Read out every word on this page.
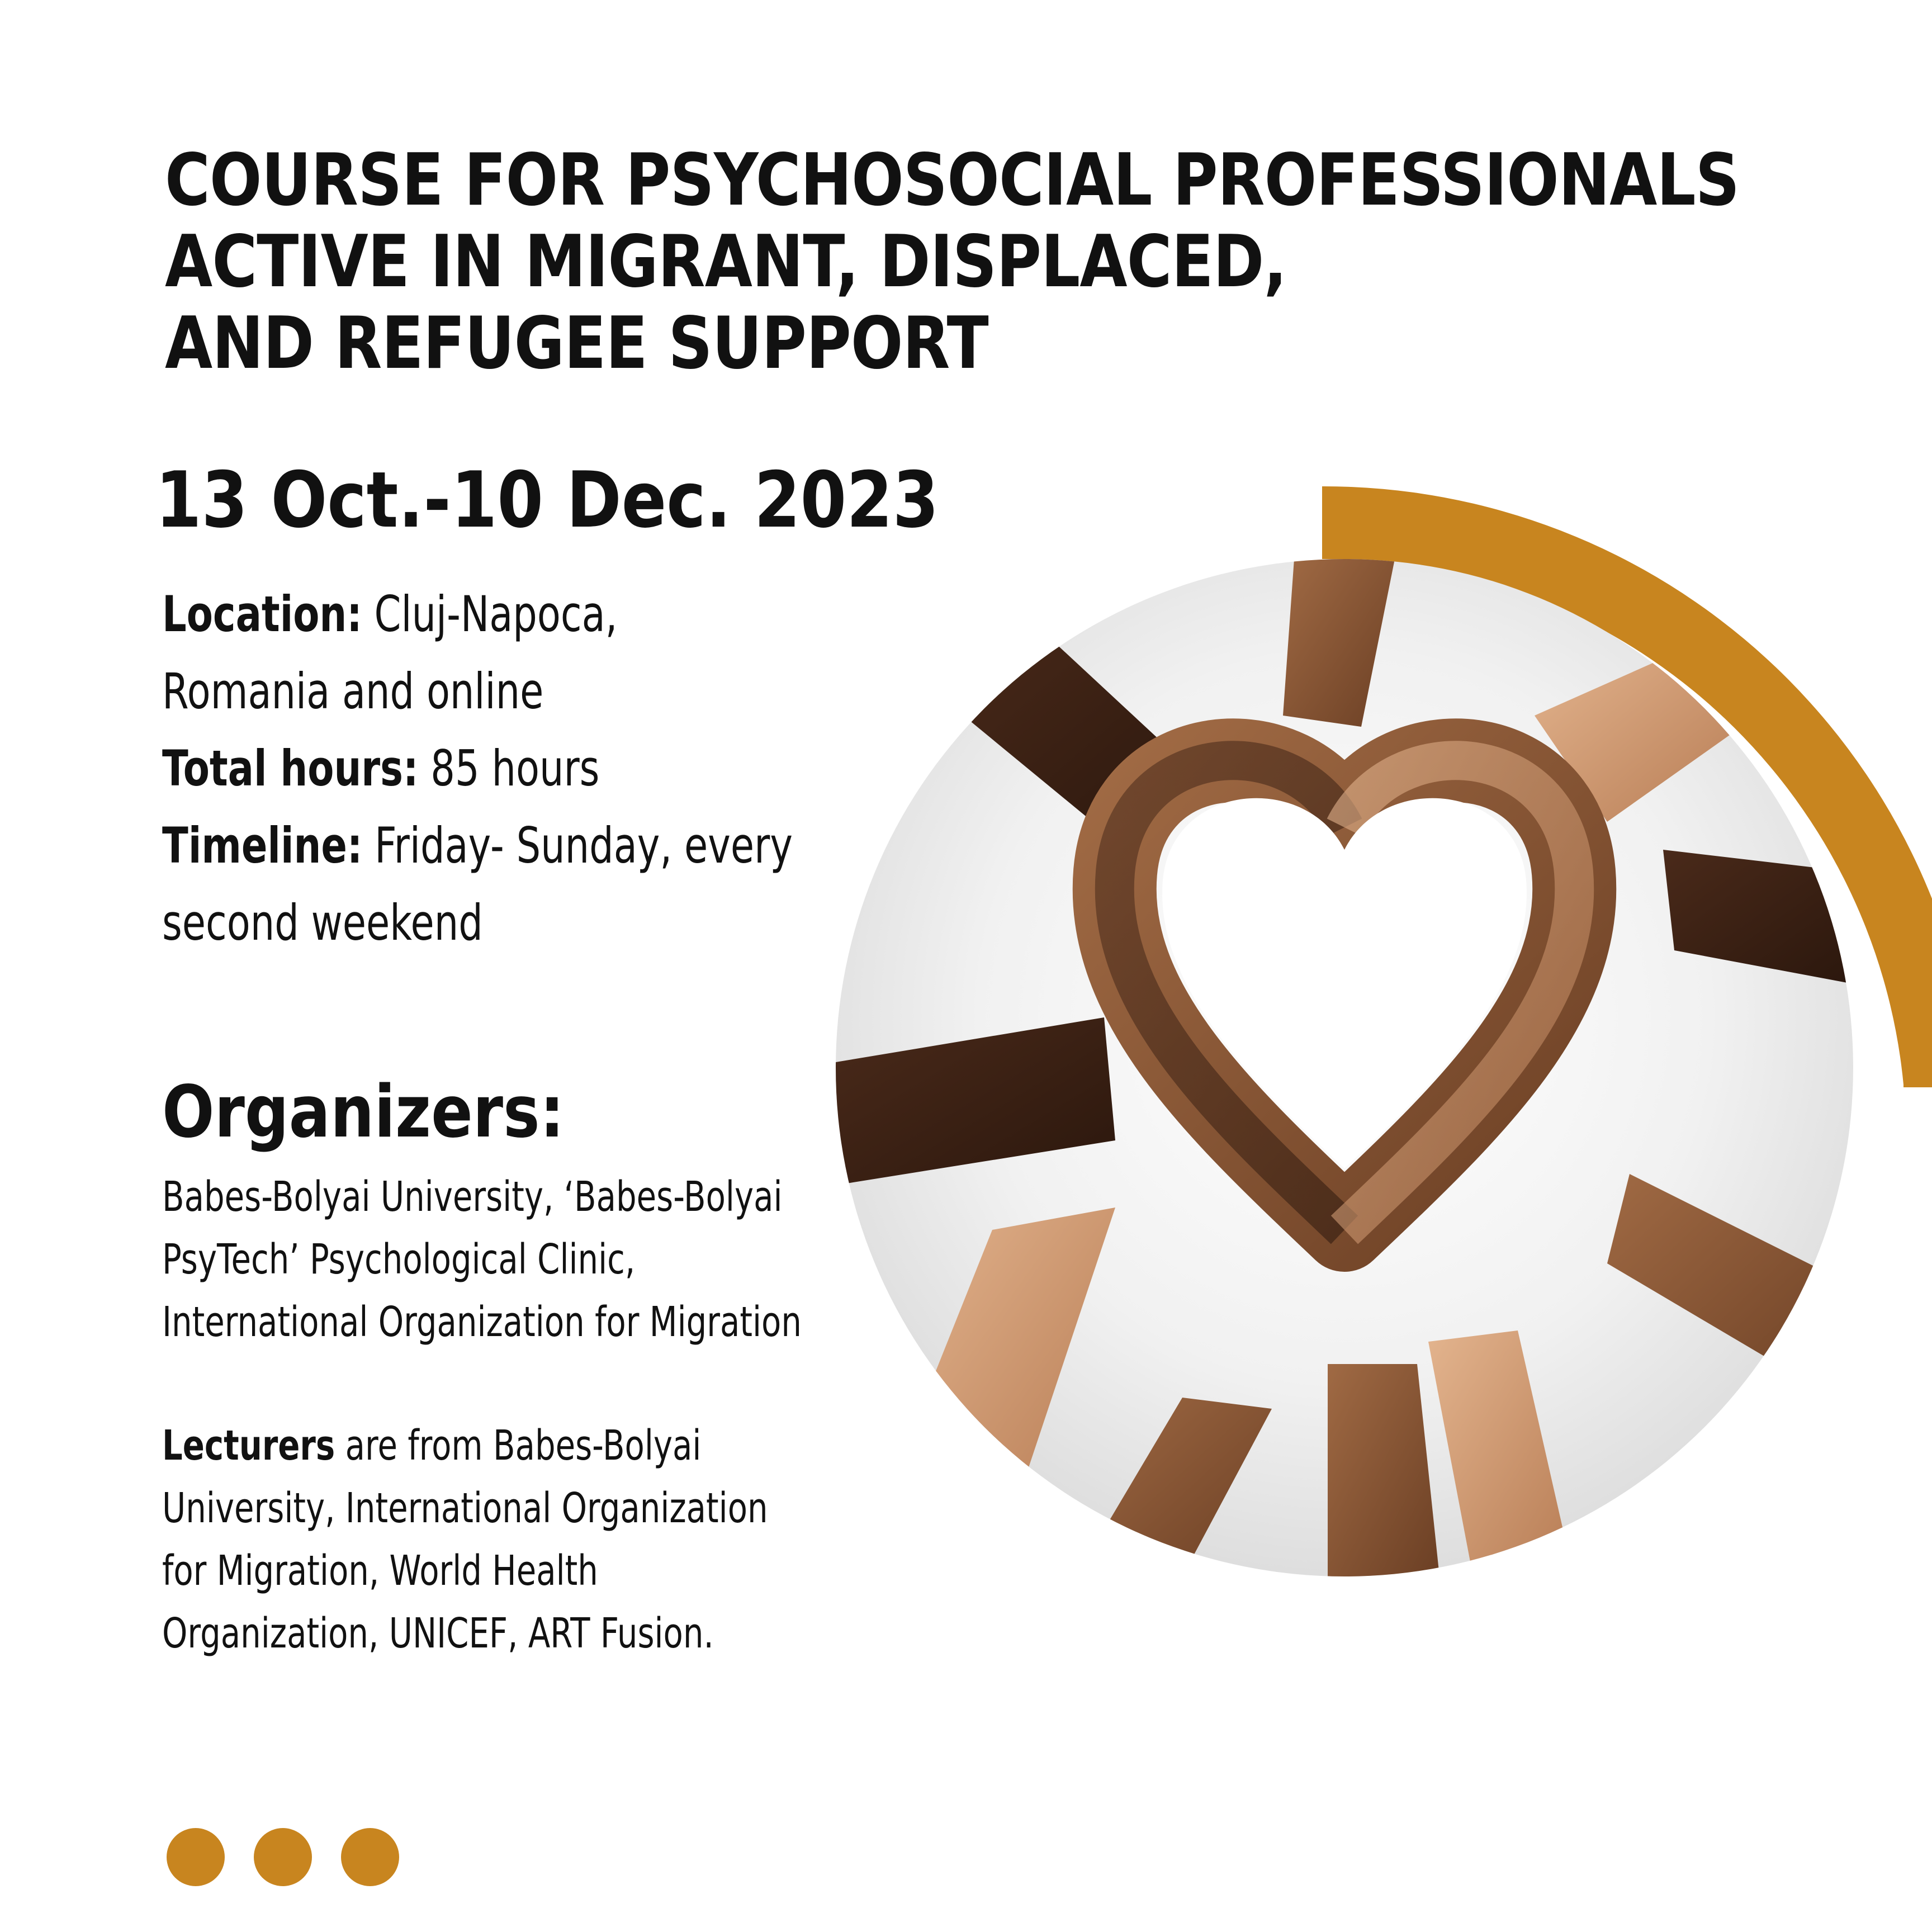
COURSE FOR PSYCHOSOCIAL PROFESSIONALS
ACTIVE IN MIGRANT, DISPLACED,
AND REFUGEE SUPPORT
13 Oct.-10 Dec. 2023
Location: Cluj-Napoca,
Romania and online
Total hours: 85 hours
Timeline: Friday- Sunday, every
second weekend
Organizers:
Babes-Bolyai University, ‘Babes-Bolyai
PsyTech’ Psychological Clinic,
International Organization for Migration
Lecturers are from Babes-Bolyai
University, International Organization
for Migration, World Health
Organization, UNICEF, ART Fusion.
